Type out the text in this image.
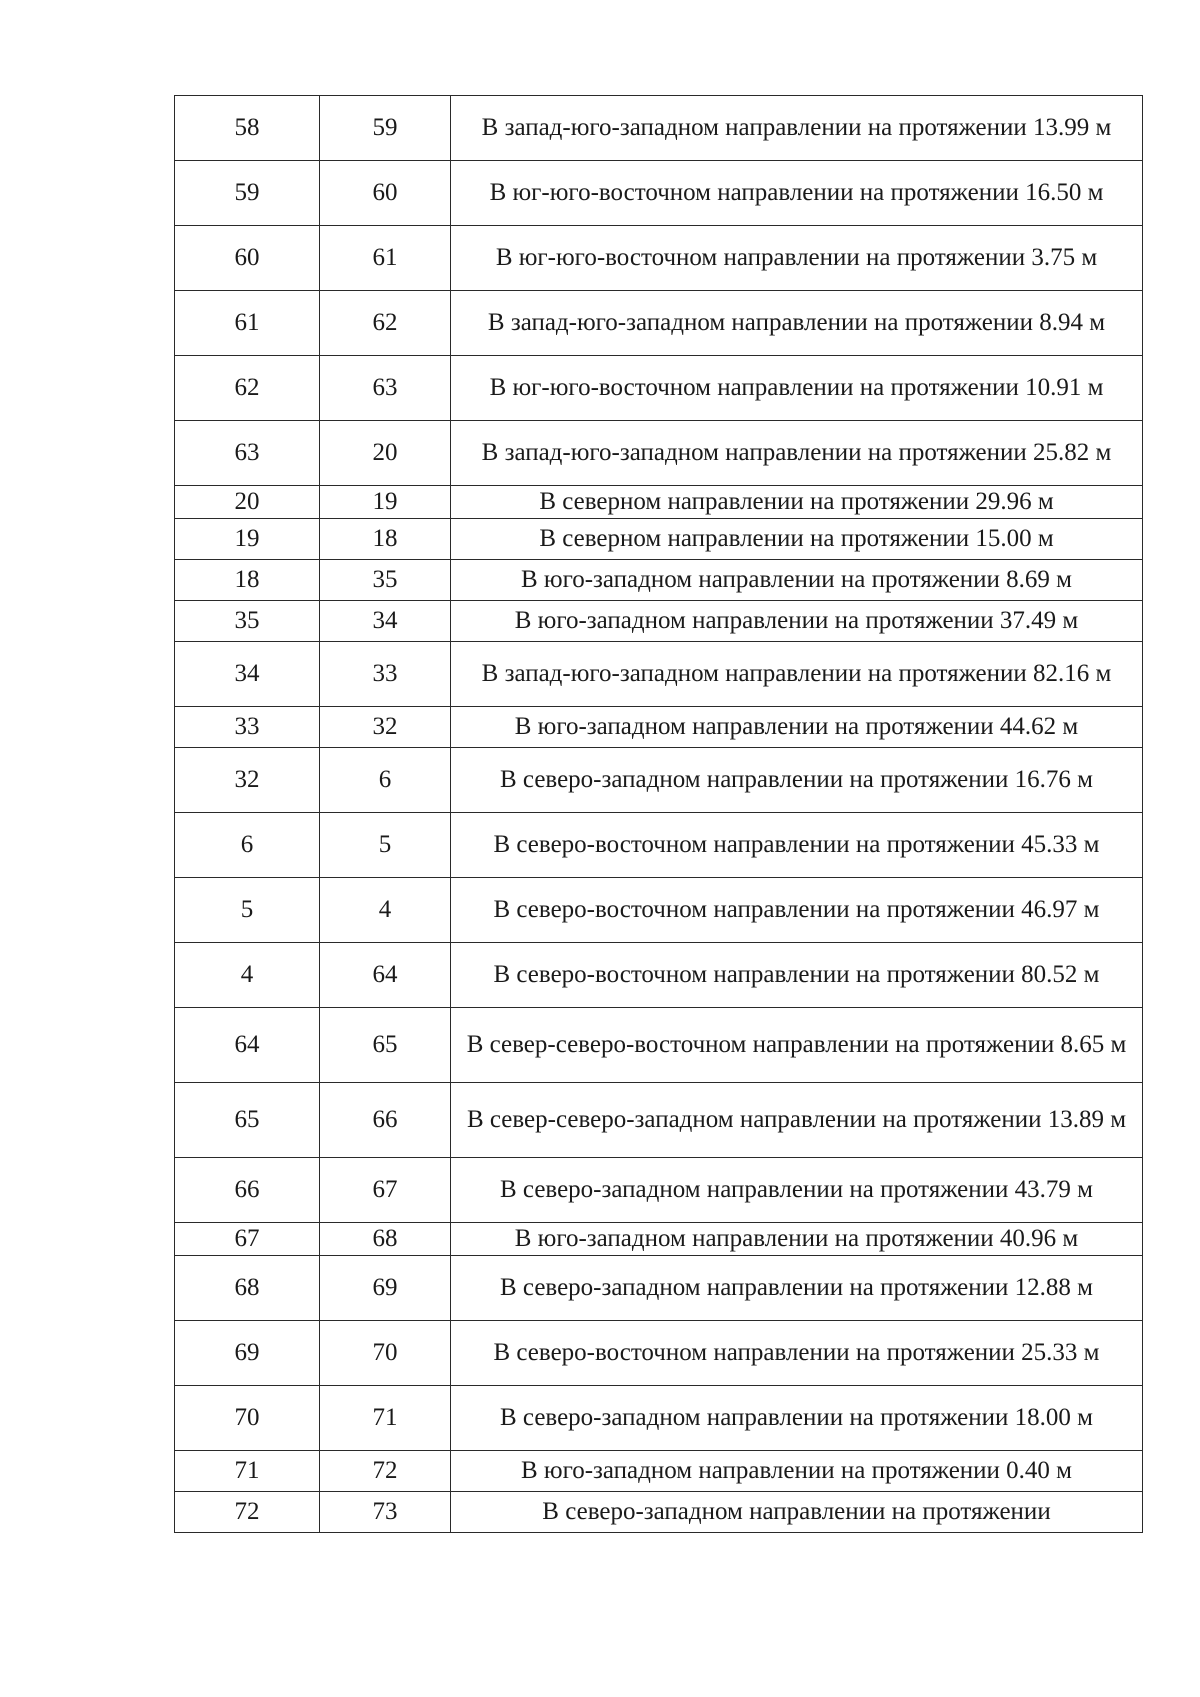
58	59	В запад-юго-западном направлении на протяжении 13.99 м
59	60	В юг-юго-восточном направлении на протяжении 16.50 м
60	61	В юг-юго-восточном направлении на протяжении 3.75 м
61	62	В запад-юго-западном направлении на протяжении 8.94 м
62	63	В юг-юго-восточном направлении на протяжении 10.91 м
63	20	В запад-юго-западном направлении на протяжении 25.82 м
20	19	В северном направлении на протяжении 29.96 м
19	18	В северном направлении на протяжении 15.00 м
18	35	В юго-западном направлении на протяжении 8.69 м
35	34	В юго-западном направлении на протяжении 37.49 м
34	33	В запад-юго-западном направлении на протяжении 82.16 м
33	32	В юго-западном направлении на протяжении 44.62 м
32	6	В северо-западном направлении на протяжении 16.76 м
6	5	В северо-восточном направлении на протяжении 45.33 м
5	4	В северо-восточном направлении на протяжении 46.97 м
4	64	В северо-восточном направлении на протяжении 80.52 м
64	65	В север-северо-восточном направлении на протяжении 8.65 м
65	66	В север-северо-западном направлении на протяжении 13.89 м
66	67	В северо-западном направлении на протяжении 43.79 м
67	68	В юго-западном направлении на протяжении 40.96 м
68	69	В северо-западном направлении на протяжении 12.88 м
69	70	В северо-восточном направлении на протяжении 25.33 м
70	71	В северо-западном направлении на протяжении 18.00 м
71	72	В юго-западном направлении на протяжении 0.40 м
72	73	В северо-западном направлении на протяжении
